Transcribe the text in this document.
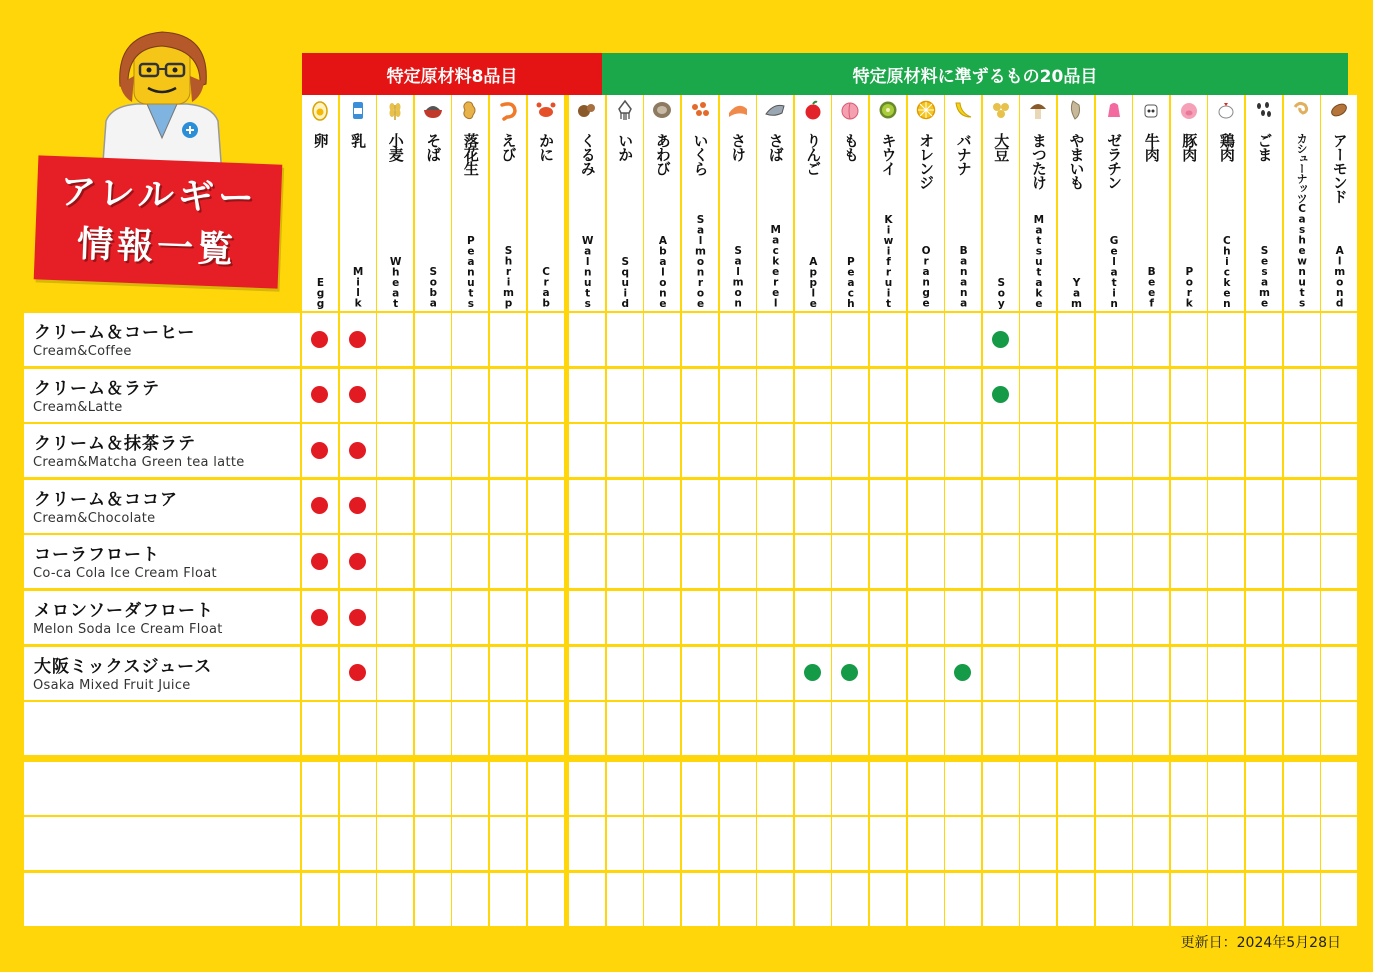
アレルギー
情報一覧
特定原材料8品目	特定原材料に準ずるもの20品目
卵
Egg
乳
Milk
小麦
Wheat
そば
Soba
落花生
Peanuts
えび
Shrimp
かに
Crab
くるみ
Walnuts
いか
Squid
あわび
Abalone
いくら
Salmonroe
さけ
Salmon
さば
Mackerel
りんご
Apple
もも
Peach
キウイ
Kiwifruit
オレンジ
Orange
バナナ
Banana
大豆
Soy
まつたけ
Matsutake
やまいも
Yam
ゼラチン
Gelatin
牛肉
Beef
豚肉
Pork
鶏肉
Chicken
ごま
Sesame
カシューナッツ
Cashewnuts
アーモンド
Almond
クリーム＆コーヒー
Cream&Coffee
クリーム＆ラテ
Cream&Latte
クリーム＆抹茶ラテ
Cream&Matcha Green tea latte
クリーム＆ココア
Cream&Chocolate
コーラフロート
Co-ca Cola Ice Cream Float
メロンソーダフロート
Melon Soda Ice Cream Float
大阪ミックスジュース
Osaka Mixed Fruit Juice
更新日：2024年5月28日
